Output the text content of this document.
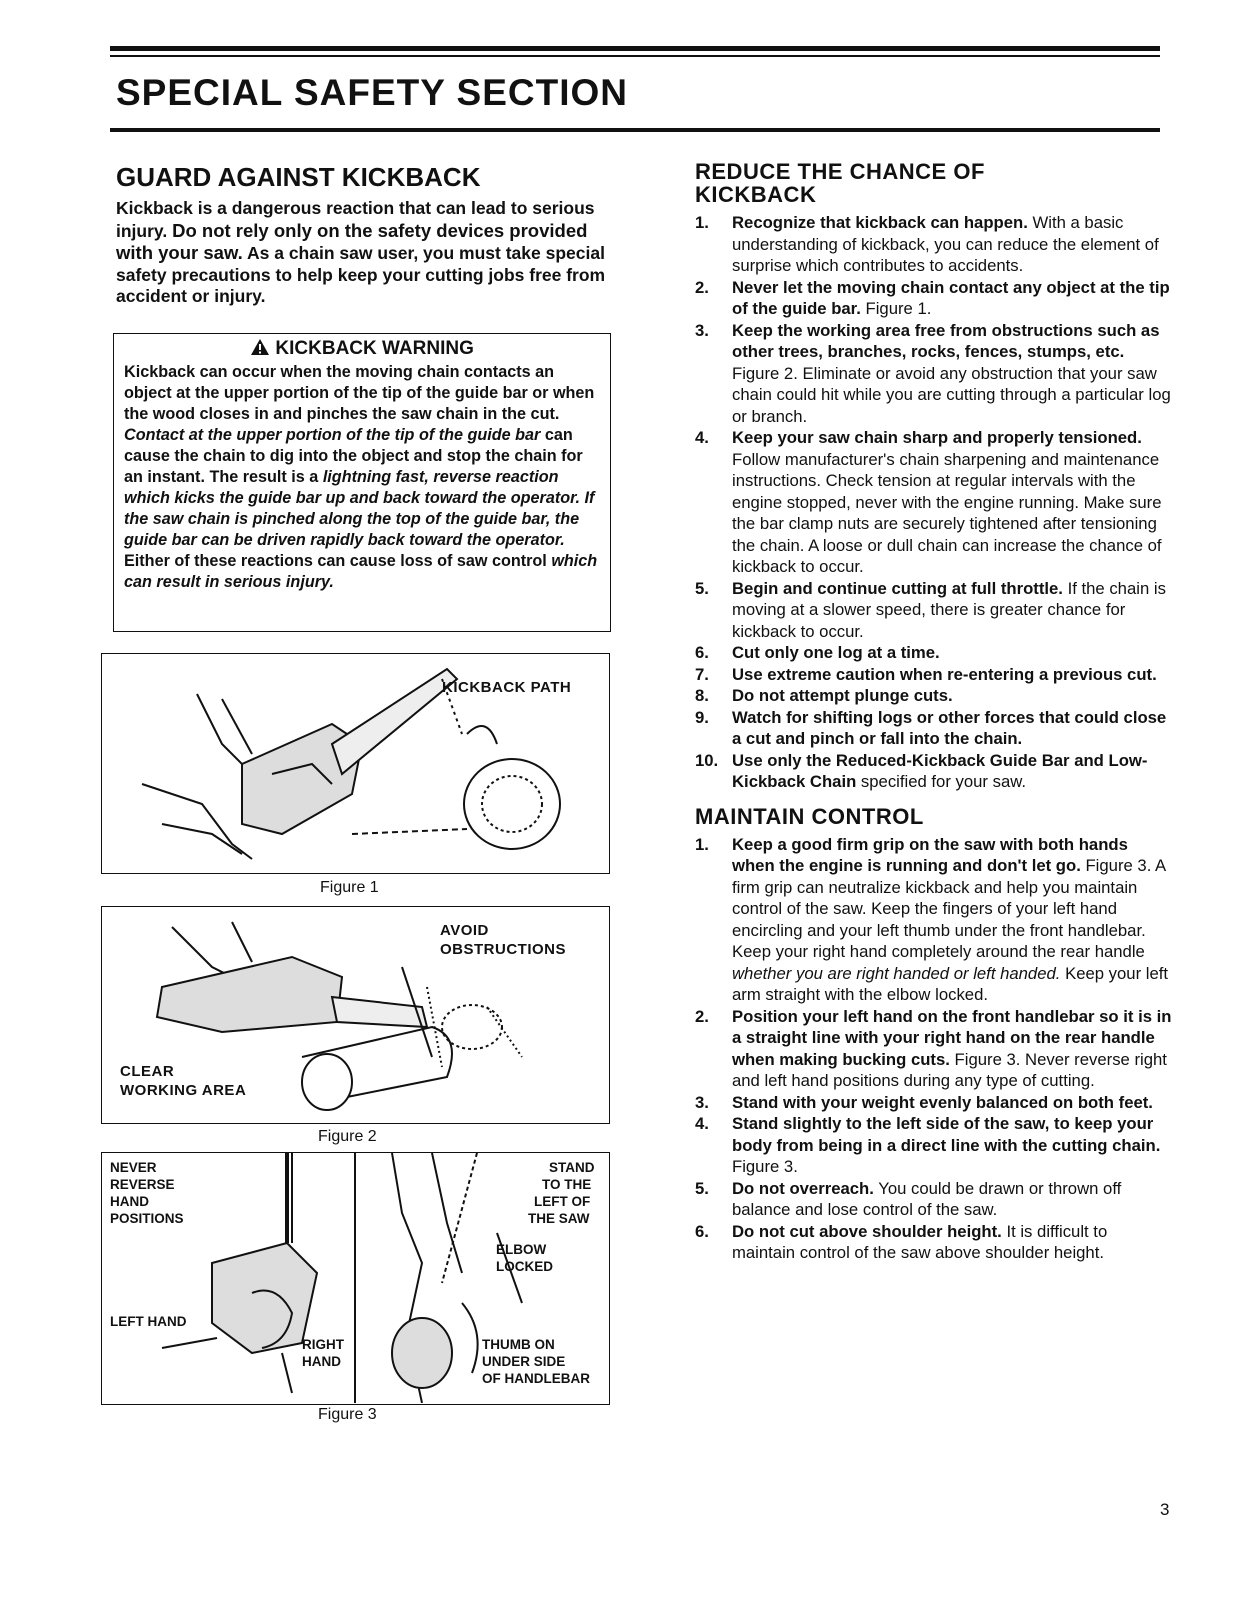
SPECIAL SAFETY SECTION
GUARD AGAINST KICKBACK
Kickback is a dangerous reaction that can lead to serious injury. Do not rely only on the safety devices provided with your saw. As a chain saw user, you must take special safety precautions to help keep your cutting jobs free from accident or injury.
KICKBACK WARNING
Kickback can occur when the moving chain contacts an object at the upper portion of the tip of the guide bar or when the wood closes in and pinches the saw chain in the cut. Contact at the upper portion of the tip of the guide bar can cause the chain to dig into the object and stop the chain for an instant. The result is a lightning fast, reverse reaction which kicks the guide bar up and back toward the operator. If the saw chain is pinched along the top of the guide bar, the guide bar can be driven rapidly back toward the operator. Either of these reactions can cause loss of saw control which can result in serious injury.
KICKBACK PATH
Figure 1
AVOID
OBSTRUCTIONS
CLEAR
WORKING AREA
Figure 2
NEVER
REVERSE
HAND
POSITIONS
LEFT HAND
RIGHT
HAND
STAND
TO THE
LEFT OF
THE SAW
ELBOW
LOCKED
THUMB ON
UNDER SIDE
OF HANDLEBAR
Figure 3
REDUCE THE CHANCE OF
KICKBACK
1.	Recognize that kickback can happen. With a basic understanding of kickback, you can reduce the element of surprise which contributes to accidents.
2.	Never let the moving chain contact any object at the tip of the guide bar. Figure 1.
3.	Keep the working area free from obstructions such as other trees, branches, rocks, fences, stumps, etc. Figure 2. Eliminate or avoid any obstruction that your saw chain could hit while you are cutting through a particular log or branch.
4.	Keep your saw chain sharp and properly tensioned. Follow manufacturer's chain sharpening and maintenance instructions. Check tension at regular intervals with the engine stopped, never with the engine running. Make sure the bar clamp nuts are securely tightened after tensioning the chain. A loose or dull chain can increase the chance of kickback to occur.
5.	Begin and continue cutting at full throttle. If the chain is moving at a slower speed, there is greater chance for kickback to occur.
6.	Cut only one log at a time.
7.	Use extreme caution when re-entering a previous cut.
8.	Do not attempt plunge cuts.
9.	Watch for shifting logs or other forces that could close a cut and pinch or fall into the chain.
10. Use only the Reduced-Kickback Guide Bar and Low-Kickback Chain specified for your saw.
MAINTAIN CONTROL
1.	Keep a good firm grip on the saw with both hands when the engine is running and don't let go. Figure 3. A firm grip can neutralize kickback and help you maintain control of the saw. Keep the fingers of your left hand encircling and your left thumb under the front handlebar. Keep your right hand completely around the rear handle whether you are right handed or left handed. Keep your left arm straight with the elbow locked.
2.	Position your left hand on the front handlebar so it is in a straight line with your right hand on the rear handle when making bucking cuts. Figure 3. Never reverse right and left hand positions during any type of cutting.
3.	Stand with your weight evenly balanced on both feet.
4.	Stand slightly to the left side of the saw, to keep your body from being in a direct line with the cutting chain. Figure 3.
5.	Do not overreach. You could be drawn or thrown off balance and lose control of the saw.
6.	Do not cut above shoulder height. It is difficult to maintain control of the saw above shoulder height.
3
